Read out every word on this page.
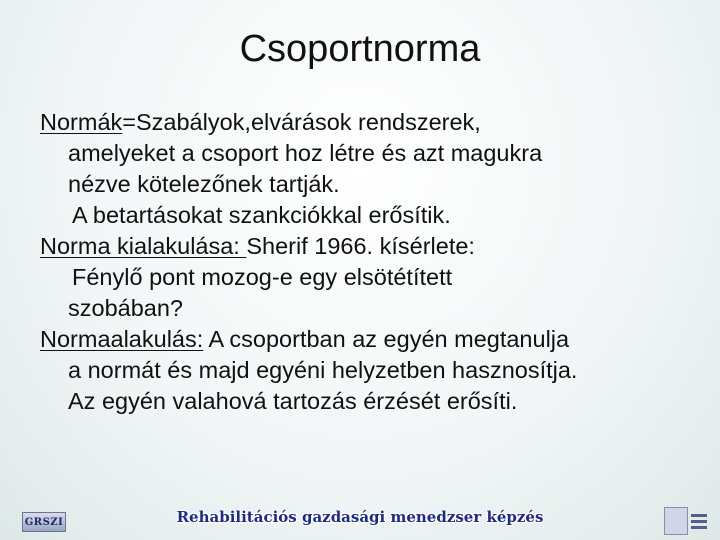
Csoportnorma
Normák=Szabályok,elvárások rendszerek,
amelyeket a csoport hoz létre és azt magukra
nézve kötelezőnek tartják.
A betartásokat szankciókkal erősítik.
Norma kialakulása: Sherif 1966. kísérlete:
Fénylő pont mozog-e egy elsötétített
szobában?
Normaalakulás: A csoportban az egyén megtanulja
a normát és majd egyéni helyzetben hasznosítja.
Az egyén valahová tartozás érzését erősíti.
GRSZI	Rehabilitációs gazdasági menedzser képzés
